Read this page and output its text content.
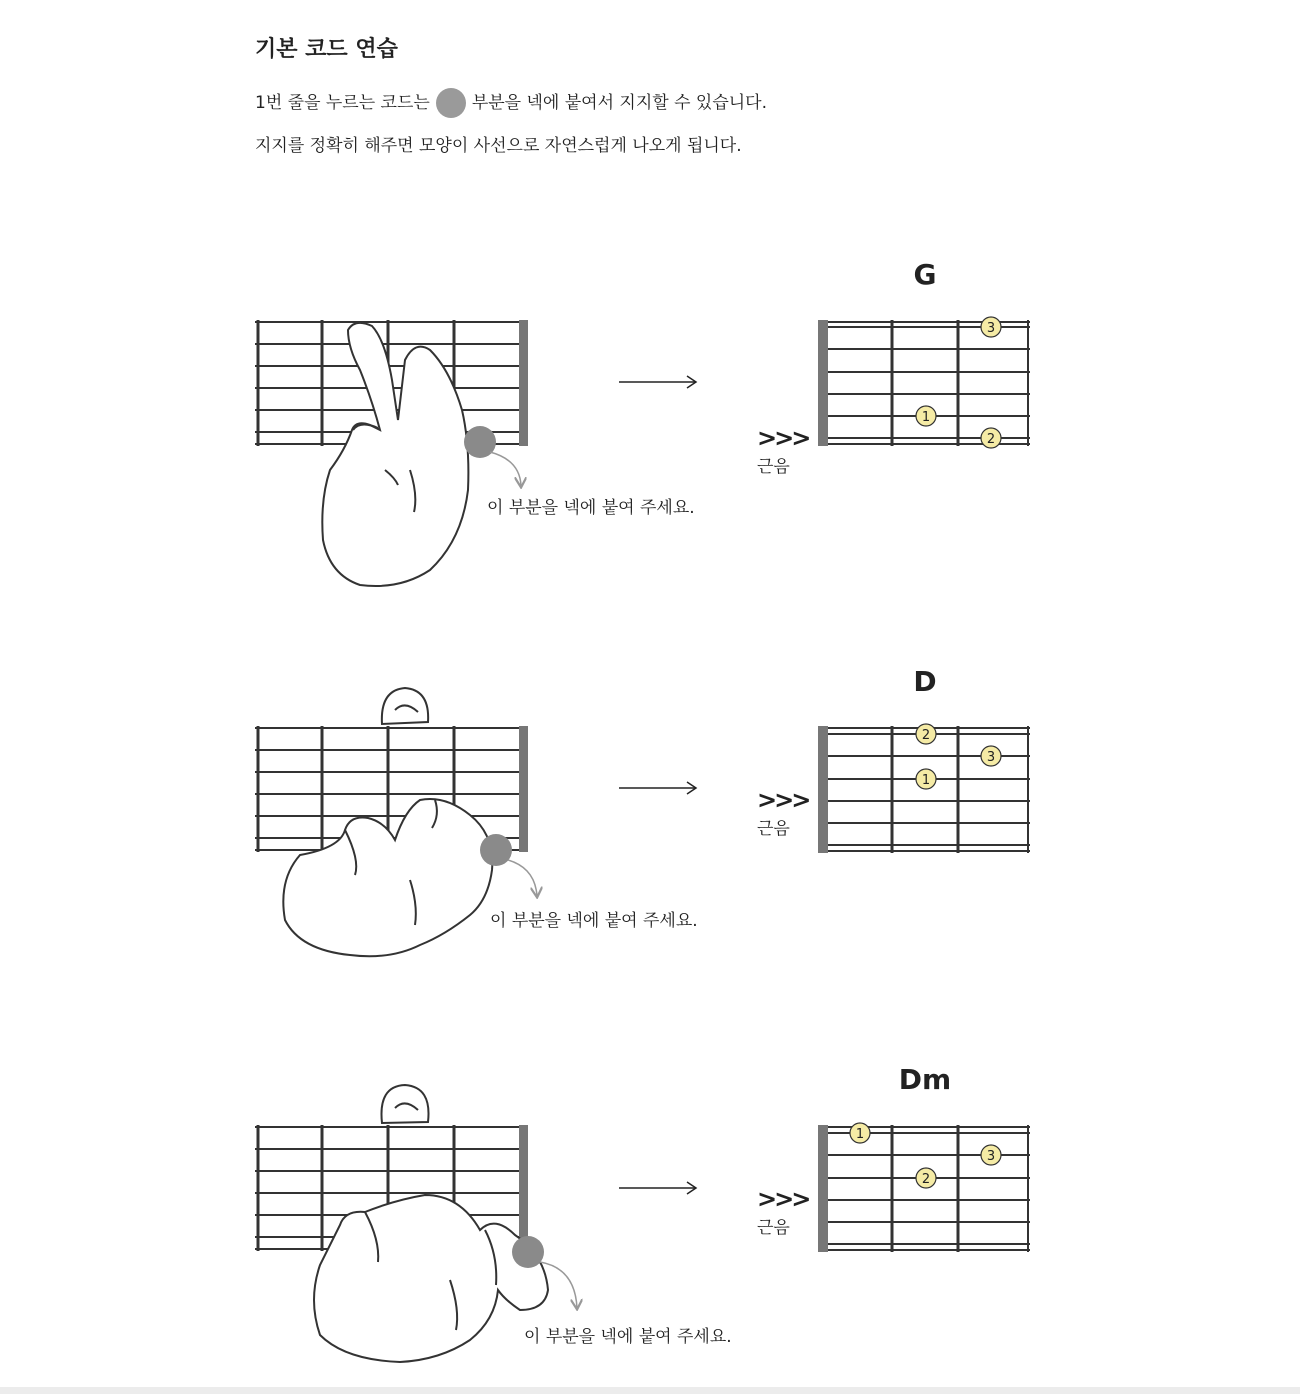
기본 코드 연습
1번 줄을 누르는 코드는 부분을 넥에 붙여서 지지할 수 있습니다.
지지를 정확히 해주면 모양이 사선으로 자연스럽게 나오게 됩니다.
G
D
Dm
>>>
근음
>>>
근음
>>>
근음
이 부분을 넥에 붙여 주세요.
이 부분을 넥에 붙여 주세요.
이 부분을 넥에 붙여 주세요.
3
1
2
2
3
1
1
3
2
